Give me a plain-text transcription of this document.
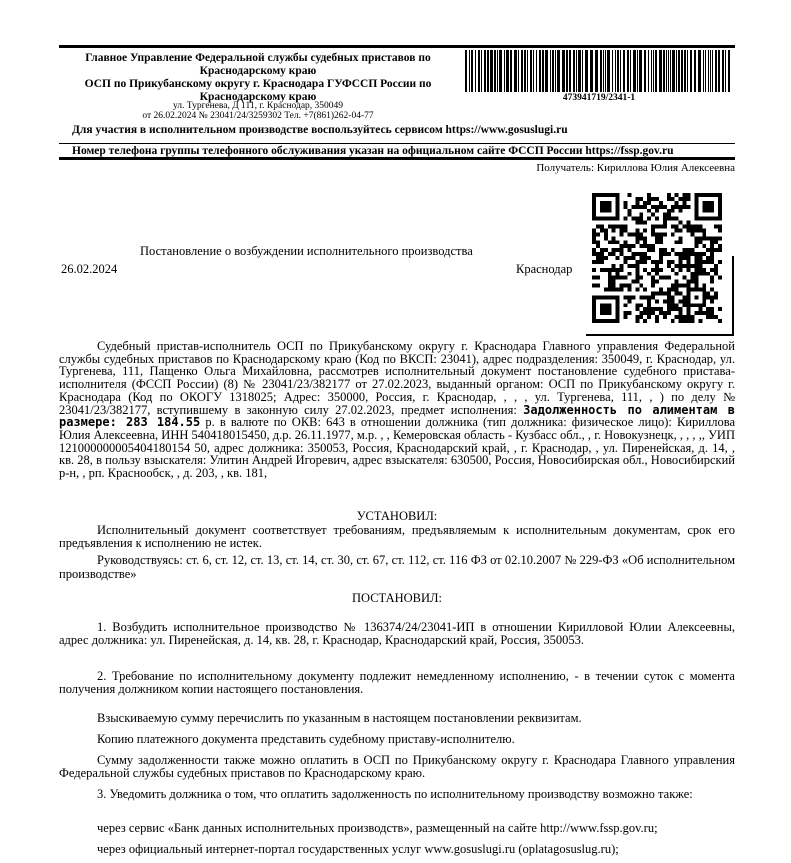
Главное Управление Федеральной службы судебных приставов по
Краснодарскому краю
ОСП по Прикубанскому округу г. Краснодара ГУФССП России по
Краснодарскому краю
ул. Тургенева, Д 111, г. Краснодар, 350049
от 26.02.2024 № 23041/24/3259302 Тел. +7(861)262-04-77
473941719/2341-1
Для участия в исполнительном производстве воспользуйтесь сервисом https://www.gosuslugi.ru
Номер телефона группы телефонного обслуживания указан на официальном сайте ФССП России https://fssp.gov.ru
Получатель: Кириллова Юлия Алексеевна
Постановление о возбуждении исполнительного производства
26.02.2024	Краснодар
Судебный пристав-исполнитель ОСП по Прикубанскому округу г. Краснодара Главного управления Федеральной службы судебных приставов по Краснодарскому краю (Код по ВКСП: 23041), адрес подразделения: 350049, г. Краснодар, ул. Тургенева, 111, Пащенко Ольга Михайловна, рассмотрев исполнительный документ постановление судебного пристава-исполнителя (ФССП России) (8) № 23041/23/382177 от 27.02.2023, выданный органом: ОСП по Прикубанскому округу г. Краснодара (Код по ОКОГУ 1318025; Адрес: 350000, Россия, г. Краснодар, , , , ул. Тургенева, 111, , ) по делу № 23041/23/382177, вступившему в законную силу 27.02.2023, предмет исполнения: Задолженность по алиментам в размере: 283 184.55 р. в валюте по ОКВ: 643 в отношении должника (тип должника: физическое лицо): Кириллова Юлия Алексеевна, ИНН 540418015450, д.р. 26.11.1977, м.р. , , Кемеровская область - Кузбасс обл., , г. Новокузнецк, , , , ,, УИП 121000000005404180154 50, адрес должника: 350053, Россия, Краснодарский край, , г. Краснодар, , ул. Пиренейская, д. 14, , кв. 28, в пользу взыскателя: Улитин Андрей Игоревич, адрес взыскателя: 630500, Россия, Новосибирская обл., Новосибирский р-н, , рп. Краснообск, , д. 203, , кв. 181,
УСТАНОВИЛ:
Исполнительный документ соответствует требованиям, предъявляемым к исполнительным документам, срок его предъявления к исполнению не истек.
Руководствуясь: ст. 6, ст. 12, ст. 13, ст. 14, ст. 30, ст. 67, ст. 112, ст. 116 ФЗ от 02.10.2007 № 229-ФЗ «Об исполнительном производстве»
ПОСТАНОВИЛ:
1. Возбудить исполнительное производство № 136374/24/23041-ИП в отношении Кирилловой Юлии Алексеевны, адрес должника: ул. Пиренейская, д. 14, кв. 28, г. Краснодар, Краснодарский край, Россия, 350053.
2. Требование по исполнительному документу подлежит немедленному исполнению, - в течении суток с момента получения должником копии настоящего постановления.
Взыскиваемую сумму перечислить по указанным в настоящем постановлении реквизитам.
Копию платежного документа представить судебному приставу-исполнителю.
Сумму задолженности также можно оплатить в ОСП по Прикубанскому округу г. Краснодара Главного управления Федеральной службы судебных приставов по Краснодарскому краю.
3. Уведомить должника о том, что оплатить задолженность по исполнительному производству возможно также:
через сервис «Банк данных исполнительных производств», размещенный на сайте http://www.fssp.gov.ru;
через официальный интернет-портал государственных услуг www.gosuslugi.ru (oplatagosuslug.ru);
